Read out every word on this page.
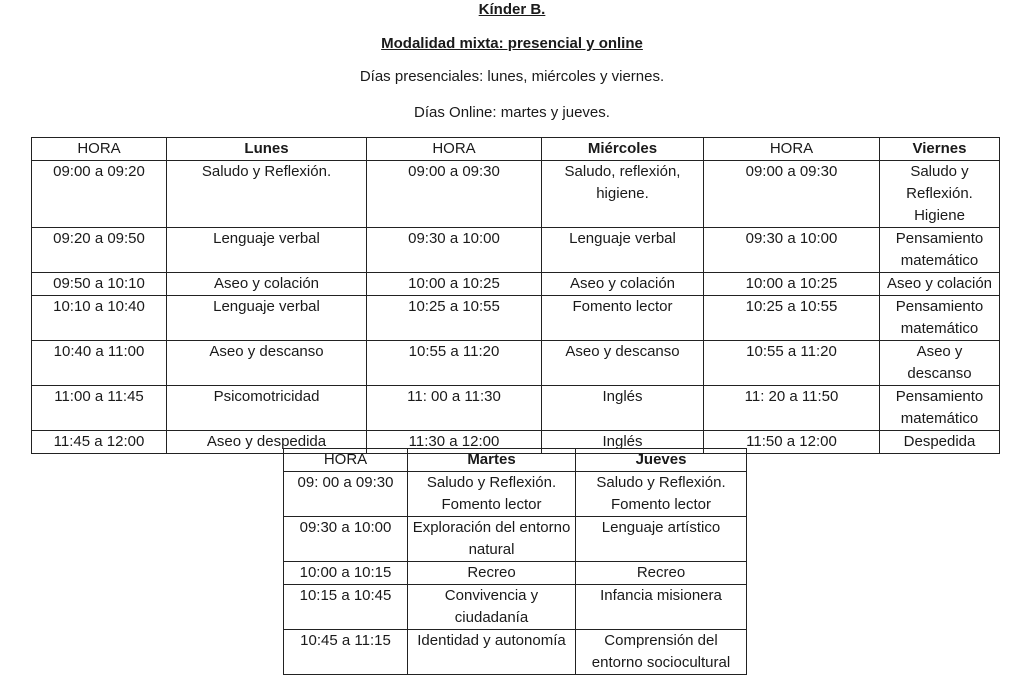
Kínder B.
Modalidad mixta: presencial y online
Días presenciales: lunes, miércoles y viernes.
Días Online: martes y jueves.
HORA	Lunes	HORA	Miércoles	HORA	Viernes
09:00 a 09:20	Saludo y Reflexión.	09:00 a 09:30	Saludo, reflexión, higiene.	09:00 a 09:30	Saludo y Reflexión. Higiene
09:20 a 09:50	Lenguaje verbal	09:30 a 10:00	Lenguaje verbal	09:30 a 10:00	Pensamiento matemático
09:50 a 10:10	Aseo y colación	10:00 a 10:25	Aseo y colación	10:00 a 10:25	Aseo y colación
10:10 a 10:40	Lenguaje verbal	10:25 a 10:55	Fomento lector	10:25 a 10:55	Pensamiento matemático
10:40 a 11:00	Aseo y descanso	10:55 a 11:20	Aseo y descanso	10:55 a 11:20	Aseo y descanso
11:00 a 11:45	Psicomotricidad	11: 00 a 11:30	Inglés	11: 20 a 11:50	Pensamiento matemático
11:45 a 12:00	Aseo y despedida	11:30 a 12:00	Inglés	11:50 a 12:00	Despedida
HORA	Martes	Jueves
09: 00 a 09:30	Saludo y Reflexión. Fomento lector	Saludo y Reflexión. Fomento lector
09:30 a 10:00	Exploración del entorno natural	Lenguaje artístico
10:00 a 10:15	Recreo	Recreo
10:15 a 10:45	Convivencia y ciudadanía	Infancia misionera
10:45 a 11:15	Identidad y autonomía	Comprensión del entorno sociocultural
